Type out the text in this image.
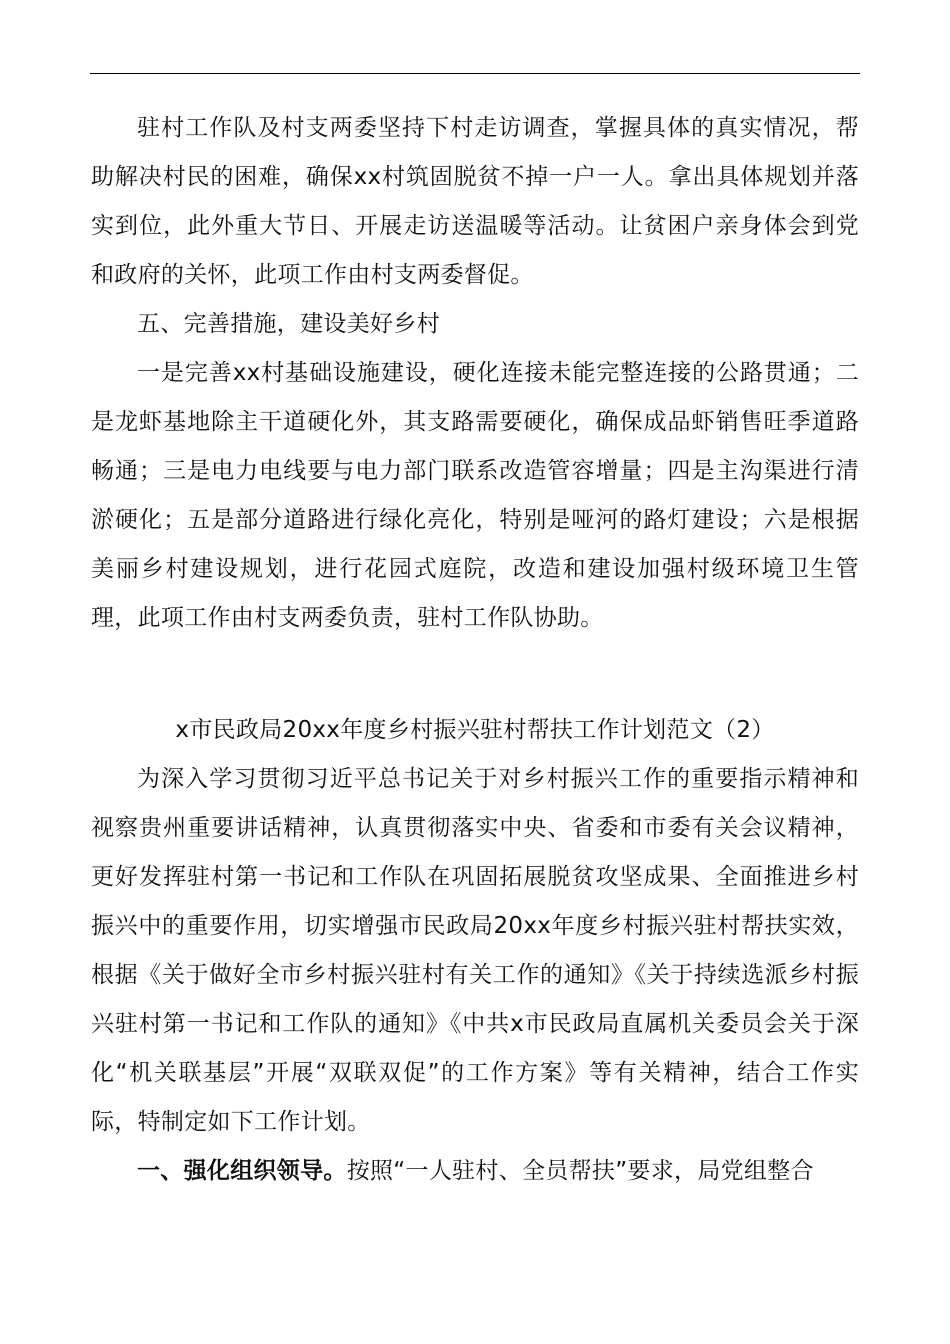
驻村工作队及村支两委坚持下村走访调查，掌握具体的真实情况，帮助解决村民的困难，确保xx村筑固脱贫不掉一户一人。拿出具体规划并落实到位，此外重大节日、开展走访送温暖等活动。让贫困户亲身体会到党和政府的关怀，此项工作由村支两委督促。

五、完善措施，建设美好乡村

一是完善xx村基础设施建设，硬化连接未能完整连接的公路贯通；二是龙虾基地除主干道硬化外，其支路需要硬化，确保成品虾销售旺季道路畅通；三是电力电线要与电力部门联系改造管容增量；四是主沟渠进行清淤硬化；五是部分道路进行绿化亮化，特别是哑河的路灯建设；六是根据美丽乡村建设规划，进行花园式庭院，改造和建设加强村级环境卫生管理，此项工作由村支两委负责，驻村工作队协助。

x市民政局20xx年度乡村振兴驻村帮扶工作计划范文（2）

为深入学习贯彻习近平总书记关于对乡村振兴工作的重要指示精神和视察贵州重要讲话精神，认真贯彻落实中央、省委和市委有关会议精神，更好发挥驻村第一书记和工作队在巩固拓展脱贫攻坚成果、全面推进乡村振兴中的重要作用，切实增强市民政局20xx年度乡村振兴驻村帮扶实效，根据《关于做好全市乡村振兴驻村有关工作的通知》《关于持续选派乡村振兴驻村第一书记和工作队的通知》《中共x市民政局直属机关委员会关于深化“机关联基层”开展“双联双促”的工作方案》等有关精神，结合工作实际，特制定如下工作计划。

一、强化组织领导。按照“一人驻村、全员帮扶”要求，局党组整合
